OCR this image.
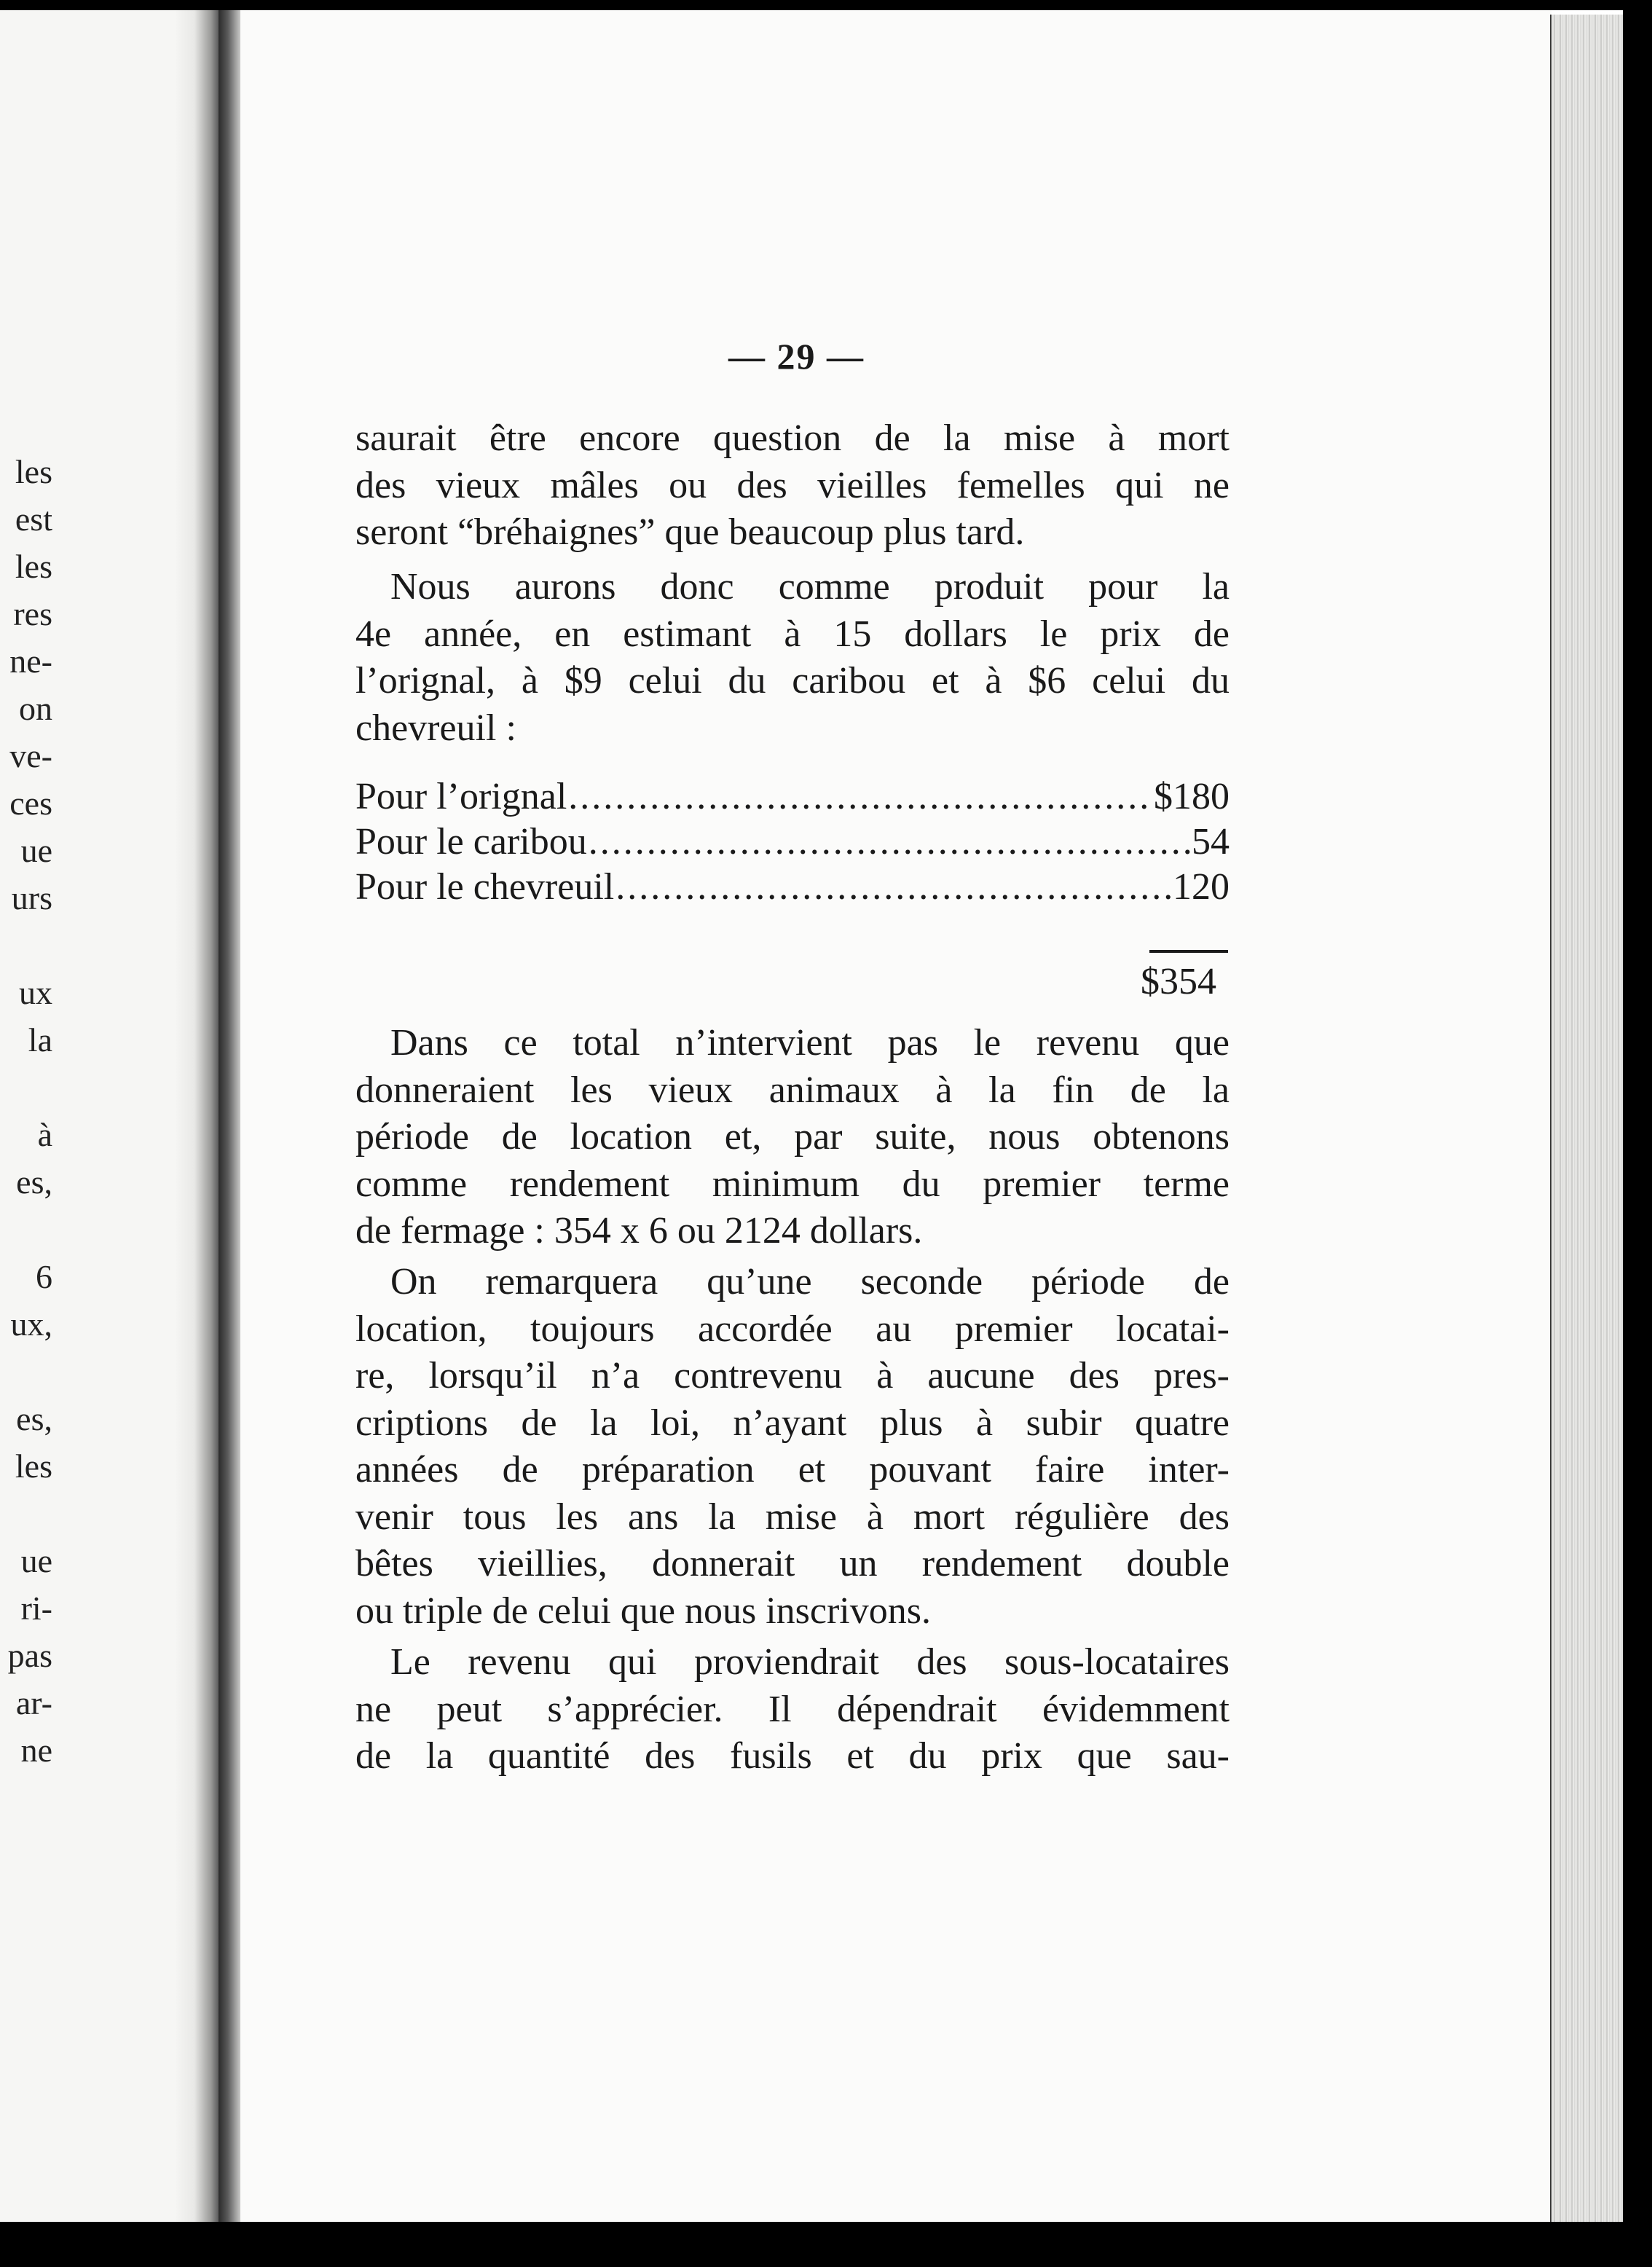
les
est
les
res
ne-
on
ve-
ces
ue
urs
ux
la
à
es,
6
ux,
es,
les
ue
ri-
pas
ar-
ne
— 29 —
saurait être encore question de la mise à mort
des vieux mâles ou des vieilles femelles qui ne
seront “bréhaignes” que beaucoup plus tard.
Nous aurons donc comme produit pour la
4e année, en estimant à 15 dollars le prix de
l’orignal, à $9 celui du caribou et à $6 celui du
chevreuil :
Pour l’orignal .....	$180
Pour le caribou .....	54
Pour le chevreuil .....	120
$354
Dans ce total n’intervient pas le revenu que
donneraient les vieux animaux à la fin de la
période de location et, par suite, nous obtenons
comme rendement minimum du premier terme
de fermage : 354 x 6 ou 2124 dollars.
On remarquera qu’une seconde période de
location, toujours accordée au premier locatai-
re, lorsqu’il n’a contrevenu à aucune des pres-
criptions de la loi, n’ayant plus à subir quatre
années de préparation et pouvant faire inter-
venir tous les ans la mise à mort régulière des
bêtes vieillies, donnerait un rendement double
ou triple de celui que nous inscrivons.
Le revenu qui proviendrait des sous-locataires
ne peut s’apprécier. Il dépendrait évidemment
de la quantité des fusils et du prix que sau-
